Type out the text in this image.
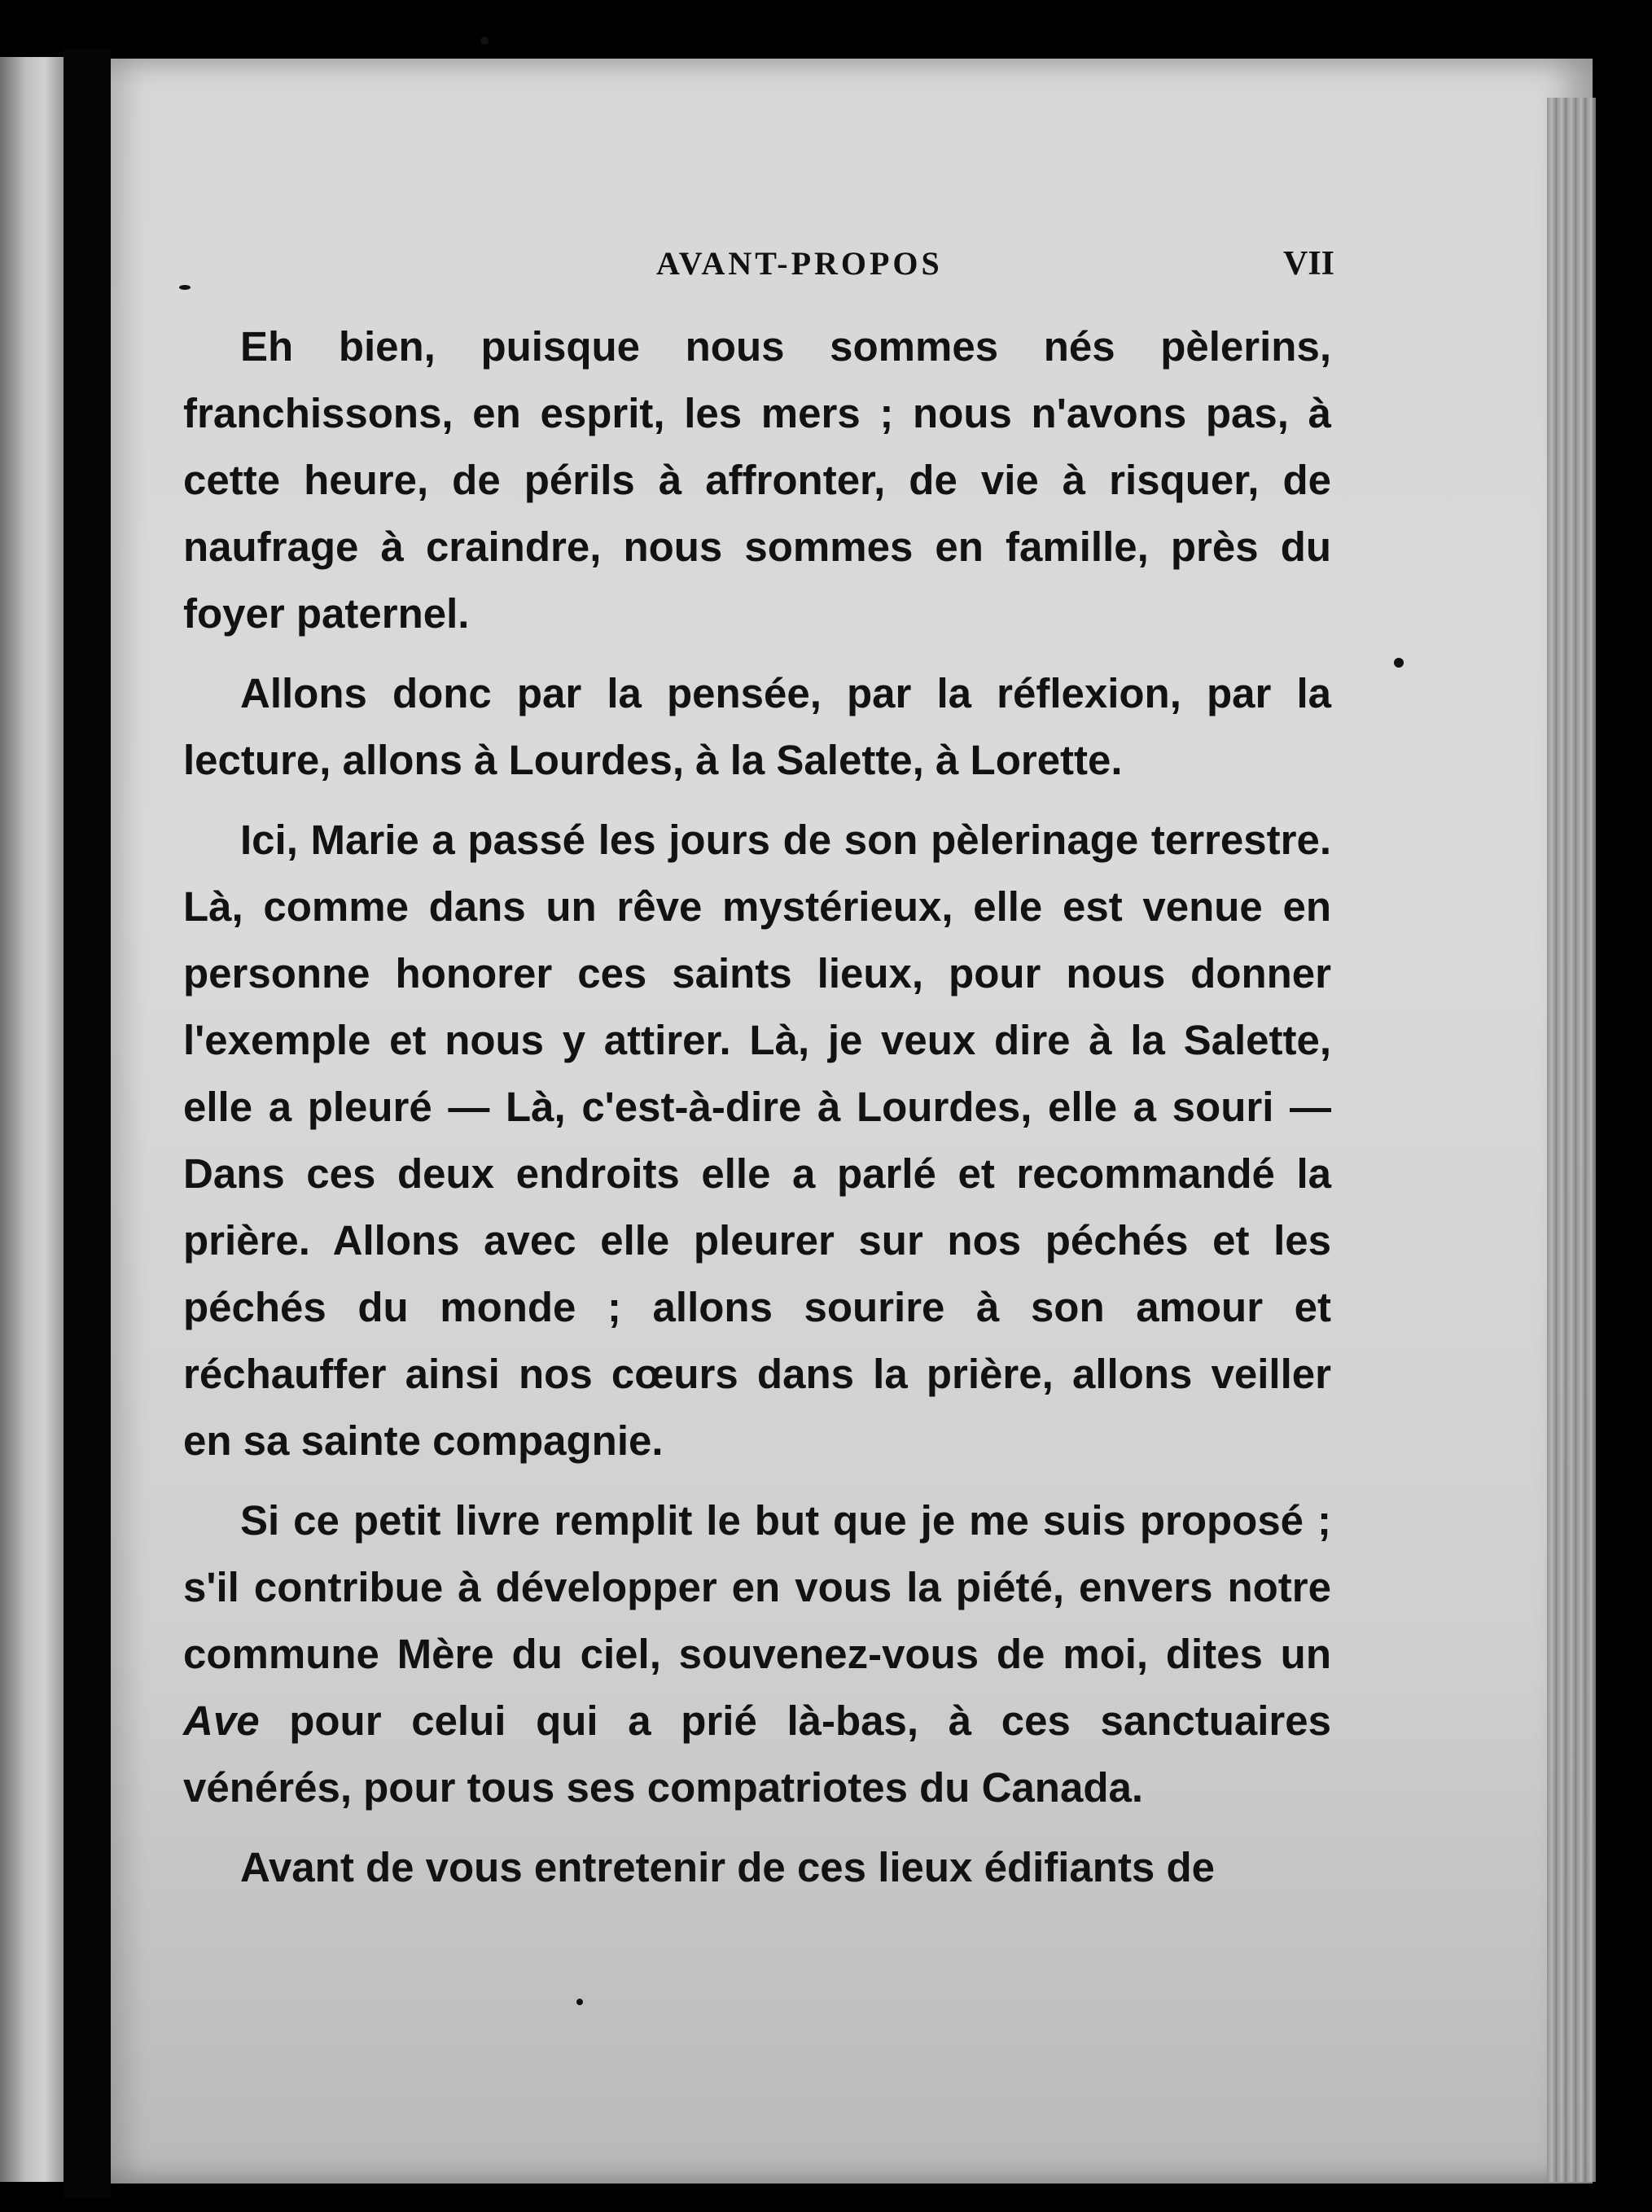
AVANT-PROPOS	VII

Eh bien, puisque nous sommes nés pèlerins, franchissons, en esprit, les mers ; nous n'avons pas, à cette heure, de périls à affronter, de vie à risquer, de naufrage à craindre, nous sommes en famille, près du foyer paternel.

Allons donc par la pensée, par la réflexion, par la lecture, allons à Lourdes, à la Salette, à Lorette.

Ici, Marie a passé les jours de son pèlerinage terrestre. Là, comme dans un rêve mystérieux, elle est venue en personne honorer ces saints lieux, pour nous donner l'exemple et nous y attirer. Là, je veux dire à la Salette, elle a pleuré — Là, c'est-à-dire à Lourdes, elle a souri — Dans ces deux endroits elle a parlé et recommandé la prière. Allons avec elle pleurer sur nos péchés et les péchés du monde ; allons sourire à son amour et réchauffer ainsi nos cœurs dans la prière, allons veiller en sa sainte compagnie.

Si ce petit livre remplit le but que je me suis proposé ; s'il contribue à développer en vous la piété, envers notre commune Mère du ciel, souvenez-vous de moi, dites un Ave pour celui qui a prié là-bas, à ces sanctuaires vénérés, pour tous ses compatriotes du Canada.

Avant de vous entretenir de ces lieux édifiants de
